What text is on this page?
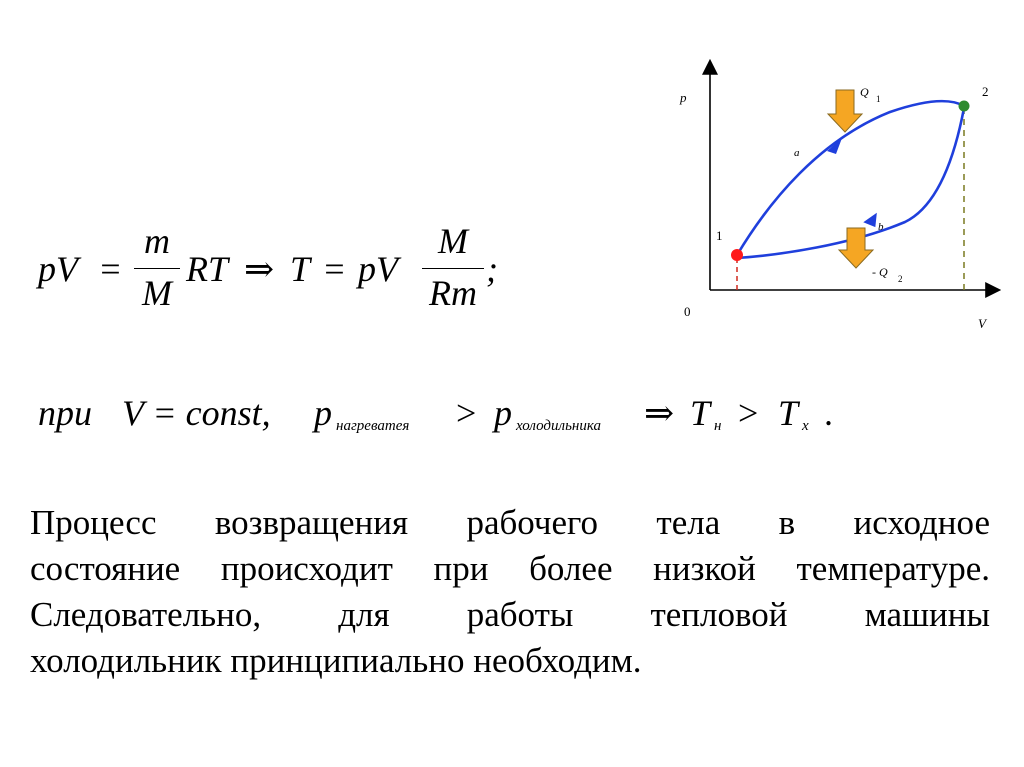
pV =
m
M
RT ⇒ T = pV
M
Rm
;
при V = const, p нагреватея > p холодильника ⇒ T н > T х .
Процесс возвращения рабочего тела в исходное
состояние происходит при более низкой температуре.
Следовательно, для работы тепловой машины
холодильник принципиально необходим.
p
V
0
1
2
a
b
Q 1
- Q 2
